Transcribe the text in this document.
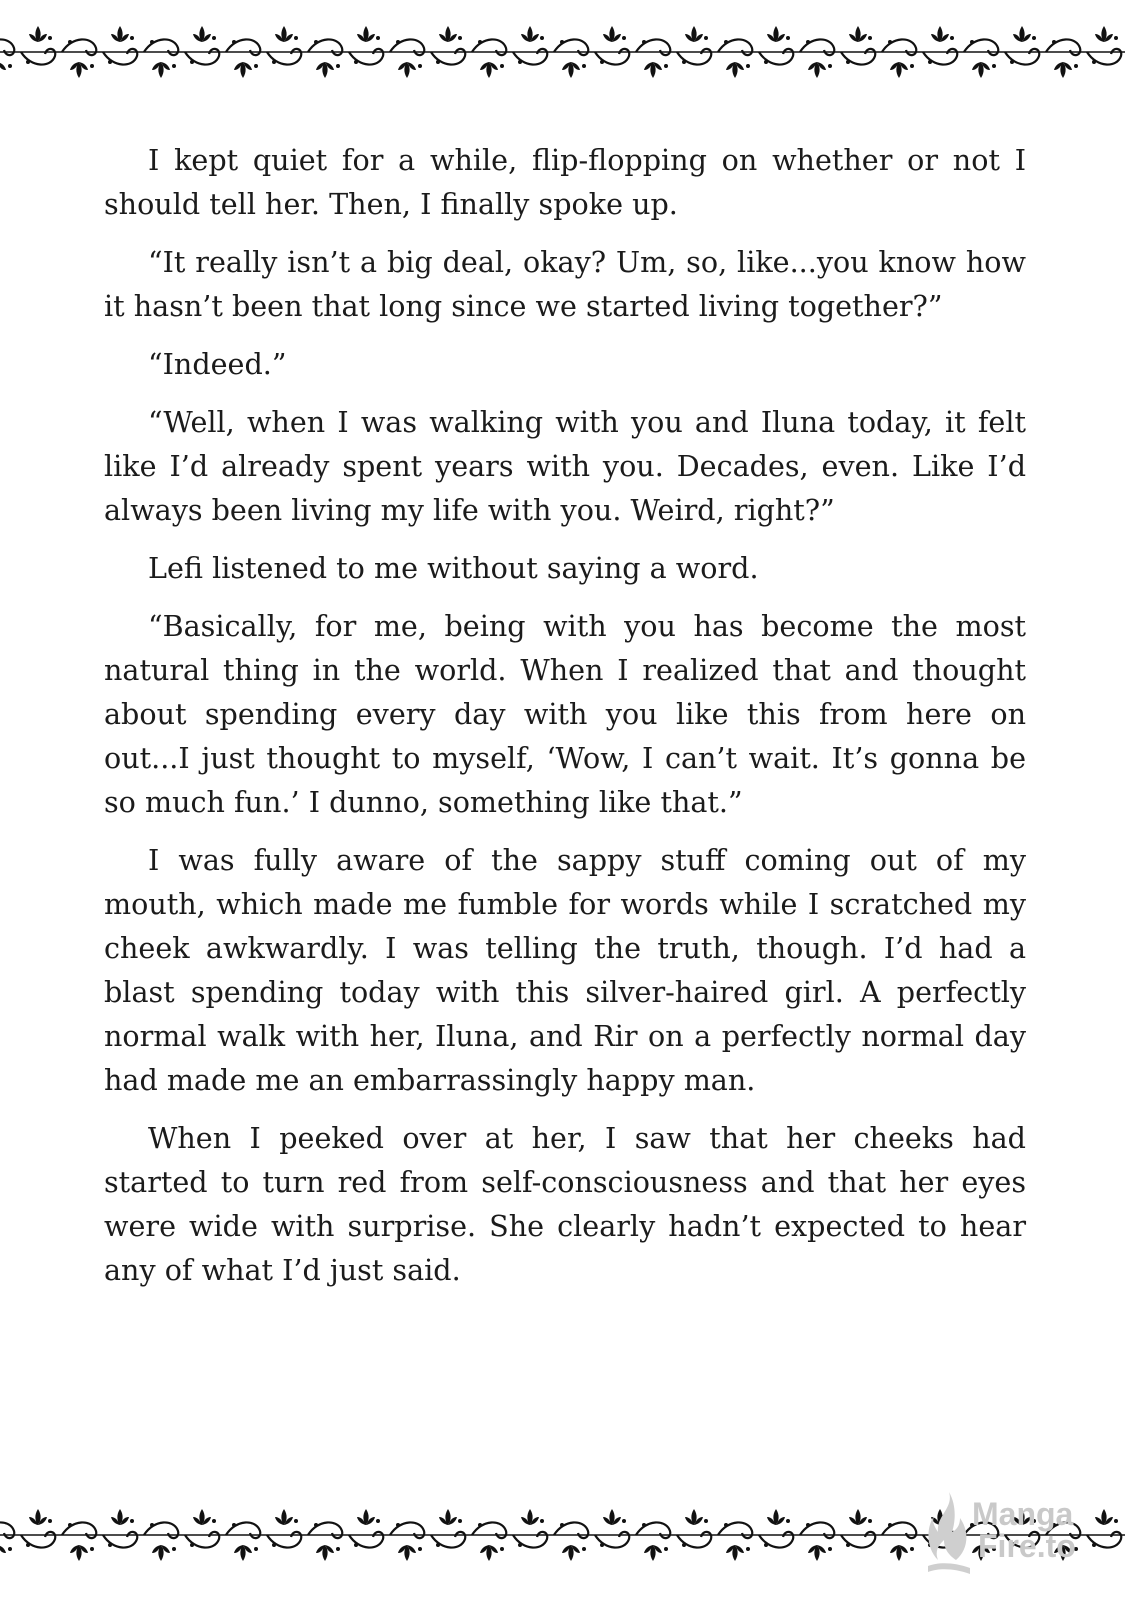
I kept quiet for a while, flip-flopping on whether or not I should tell her. Then, I finally spoke up.

“It really isn’t a big deal, okay? Um, so, like...you know how it hasn’t been that long since we started living together?”

“Indeed.”

“Well, when I was walking with you and Iluna today, it felt like I’d already spent years with you. Decades, even. Like I’d always been living my life with you. Weird, right?”

Lefi listened to me without saying a word.

“Basically, for me, being with you has become the most natural thing in the world. When I realized that and thought about spending every day with you like this from here on out...I just thought to myself, ‘Wow, I can’t wait. It’s gonna be so much fun.’ I dunno, something like that.”

I was fully aware of the sappy stuff coming out of my mouth, which made me fumble for words while I scratched my cheek awkwardly. I was telling the truth, though. I’d had a blast spending today with this silver-haired girl. A perfectly normal walk with her, Iluna, and Rir on a perfectly normal day had made me an embarrassingly happy man.

When I peeked over at her, I saw that her cheeks had started to turn red from self-consciousness and that her eyes were wide with surprise. She clearly hadn’t expected to hear any of what I’d just said.

Manga
Fire.to
